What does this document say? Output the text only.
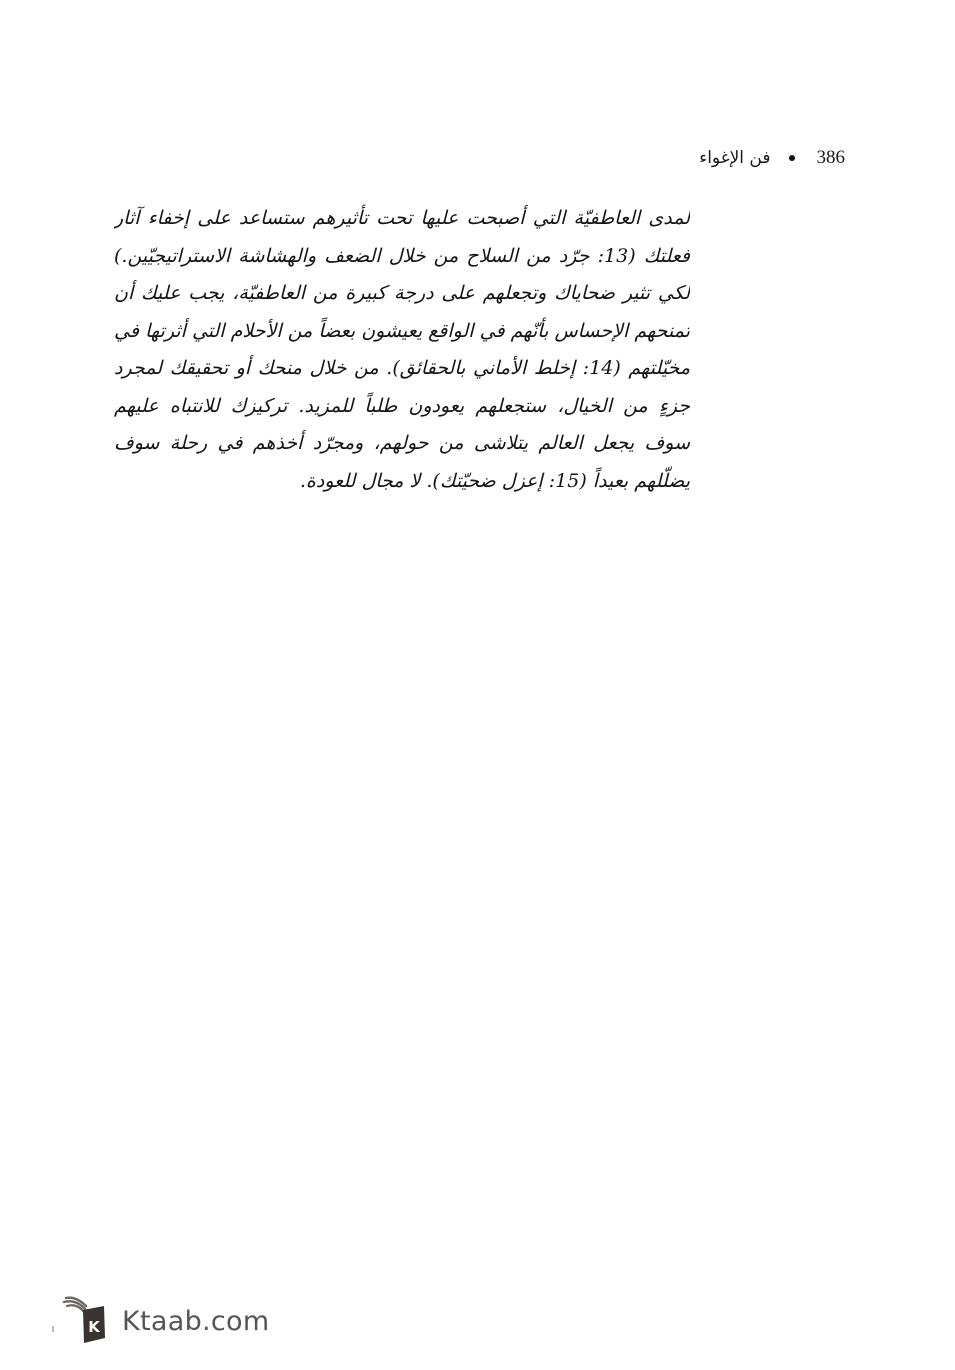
فن الإغواء 386
لمدى العاطفيّة التي أصبحت عليها تحت تأثيرهم ستساعد على إخفاء آثار
فعلتك (13: جرّد من السلاح من خلال الضعف والهشاشة الاستراتيجيّين.)
لكي تثير ضحاياك وتجعلهم على درجة كبيرة من العاطفيّة، يجب عليك أن
تمنحهم الإحساس بأنّهم في الواقع يعيشون بعضاً من الأحلام التي أثرتها في
مخيّلتهم (14: إخلط الأماني بالحقائق). من خلال منحك أو تحقيقك لمجرد
جزءٍ من الخيال، ستجعلهم يعودون طلباً للمزيد. تركيزك للانتباه عليهم
سوف يجعل العالم يتلاشى من حولهم، ومجرّد أخذهم في رحلة سوف
يضلّلهم بعيداً (15: إعزل ضحيّتك). لا مجال للعودة.
K Ktaab.com
